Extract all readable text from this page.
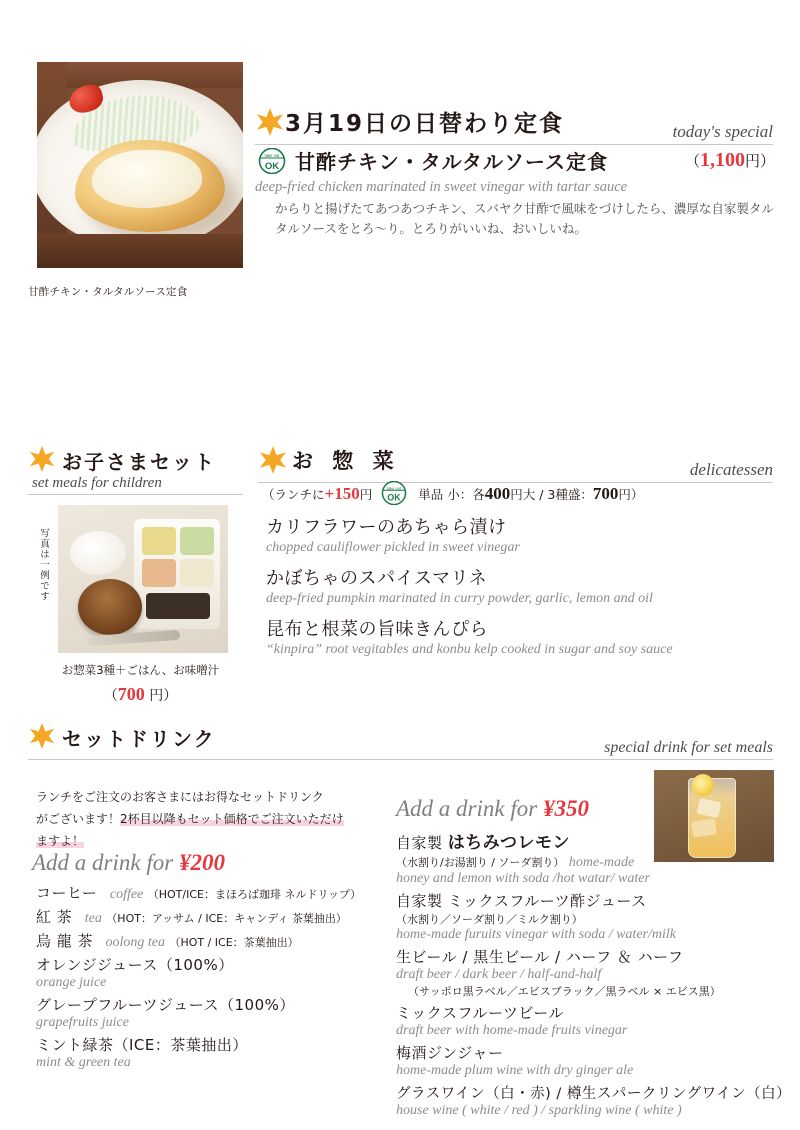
甘酢チキン・タルタルソース定食
3月19日の日替わり定食	today's special
take out
OK 甘酢チキン・タルタルソース定食	（1,100円）
deep-fried chicken marinated in sweet vinegar with tartar sauce
からりと揚げたてあつあつチキン、スバヤク甘酢で風味をづけしたら、濃厚な自家製タルタルソースをとろ～り。とろりがいいね、おいしいね。
お子さまセット
set meals for children
写真は一例です
お惣菜3種＋ごはん、お味噌汁
（700 円）
お 惣 菜	delicatessen
（ランチに +150 円	take out
OK 単品 小：各 400 円 大 / 3種盛： 700 円）
カリフラワーのあちゃら漬け
chopped cauliflower pickled in sweet vinegar
かぼちゃのスパイスマリネ
deep-fried pumpkin marinated in curry powder, garlic, lemon and oil
昆布と根菜の旨味きんぴら
“kinpira” root vegitables and konbu kelp cooked in sugar and soy sauce
セットドリンク	special drink for set meals
ランチをご注文のお客さまにはお得なセットドリンク
がございます！2杯目以降もセット価格でご注文いただけ
ますよ！
Add a drink for ¥200
コーヒー coffee （HOT/ICE：まほろば珈琲 ネルドリップ）
紅 茶 tea （HOT：アッサム / ICE：キャンディ 茶葉抽出）
烏 龍 茶 oolong tea （HOT / ICE：茶葉抽出）
オレンジジュース（100%）
orange juice
グレープフルーツジュース（100%）
grapefruits juice
ミント緑茶（ICE：茶葉抽出）
mint & green tea
Add a drink for ¥350
自家製 はちみつレモン
（水割り/お湯割り / ソーダ割り） home-made
honey and lemon with soda /hot watar/ water
自家製 ミックスフルーツ酢ジュース
（水割り／ソーダ割り／ミルク割り）
home-made furuits vinegar with soda / water/milk
生ビール / 黒生ビール / ハーフ ＆ ハーフ
draft beer / dark beer / half-and-half
（サッポロ黒ラベル／エビスブラック／黒ラベル × エビス黒）
ミックスフルーツビール
draft beer with home-made fruits vinegar
梅酒ジンジャー
home-made plum wine with dry ginger ale
グラスワイン（白・赤) / 樽生スパークリングワイン（白）
house wine ( white / red ) / sparkling wine ( white )
